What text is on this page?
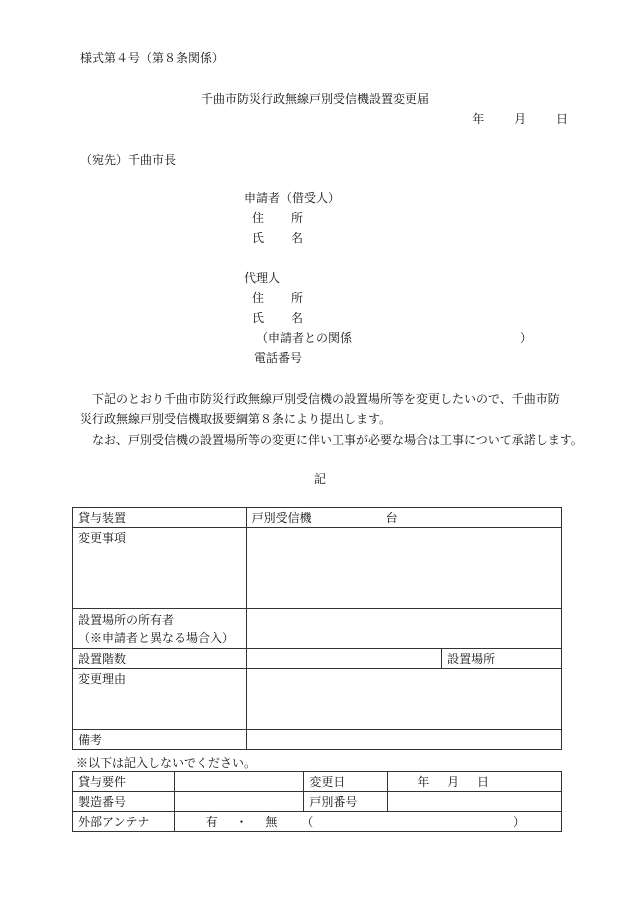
様式第４号（第８条関係）
千曲市防災行政無線戸別受信機設置変更届
年 月 日
（宛先）千曲市長
申請者（借受人）
住　　所
氏　　名
代理人
住　　所
氏　　名
（申請者との関係	）
電話番号
下記のとおり千曲市防災行政無線戸別受信機の設置場所等を変更したいので、千曲市防災行政無線戸別受信機取扱要綱第８条により提出します。
なお、戸別受信機の設置場所等の変更に伴い工事が必要な場合は工事について承諾します。
記
貸与装置	戸別受信機 台	

変更事項		

設置場所の所有者
（※申請者と異なる場合入）		

設置階数		設置場所

変更理由		

備考		
※以下は記入しないでください。
貸与要件		変更日	年 月 日
製造番号		戸別番号	
外部アンテナ	有 ・ 無 （ ）		
